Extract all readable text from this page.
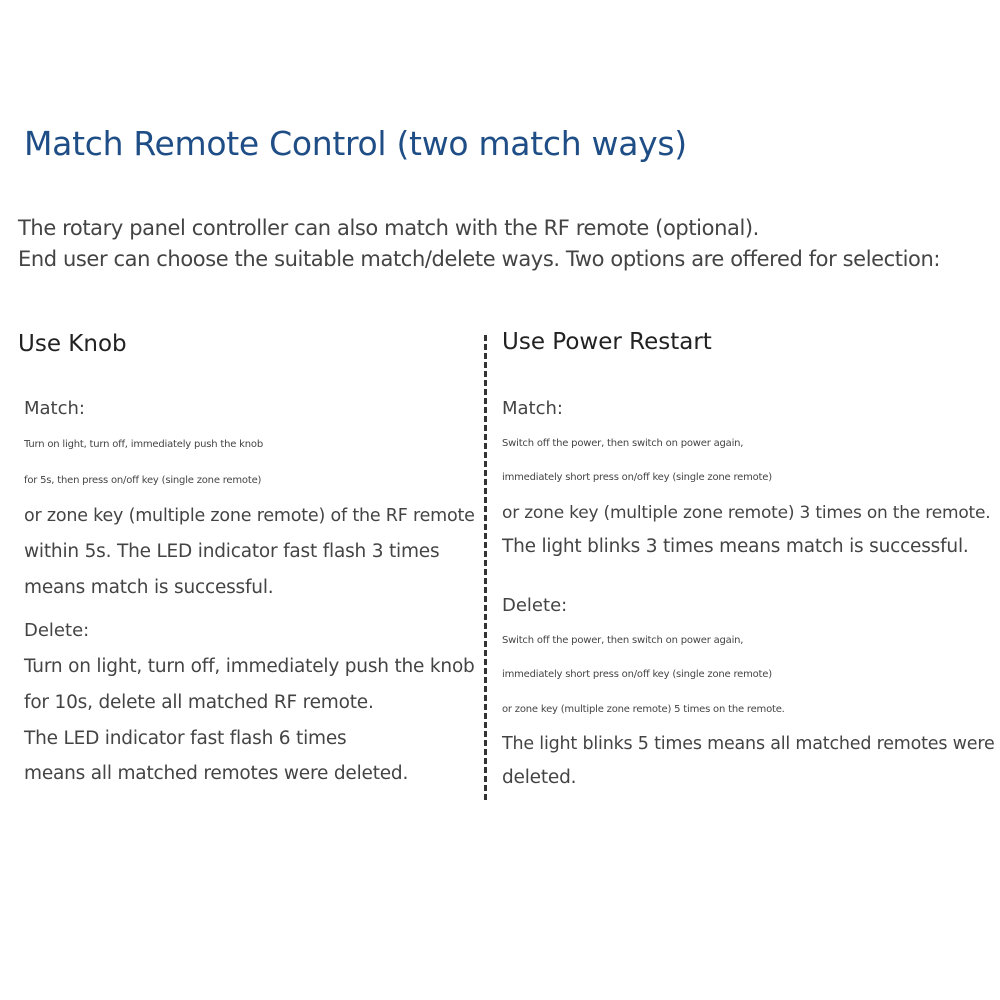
Match Remote Control (two match ways)
The rotary panel controller can also match with the RF remote (optional).
End user can choose the suitable match/delete ways. Two options are offered for selection:
Use Knob
Match:
Turn on light, turn off, immediately push the knob
for 5s, then press on/off key (single zone remote)
or zone key (multiple zone remote) of the RF remote
within 5s. The LED indicator fast flash 3 times
means match is successful.
Delete:
Turn on light, turn off, immediately push the knob
for 10s, delete all matched RF remote.
The LED indicator fast flash 6 times
means all matched remotes were deleted.
Use Power Restart
Match:
Switch off the power, then switch on power again,
immediately short press on/off key (single zone remote)
or zone key (multiple zone remote) 3 times on the remote.
The light blinks 3 times means match is successful.
Delete:
Switch off the power, then switch on power again,
immediately short press on/off key (single zone remote)
or zone key (multiple zone remote) 5 times on the remote.
The light blinks 5 times means all matched remotes were
deleted.
